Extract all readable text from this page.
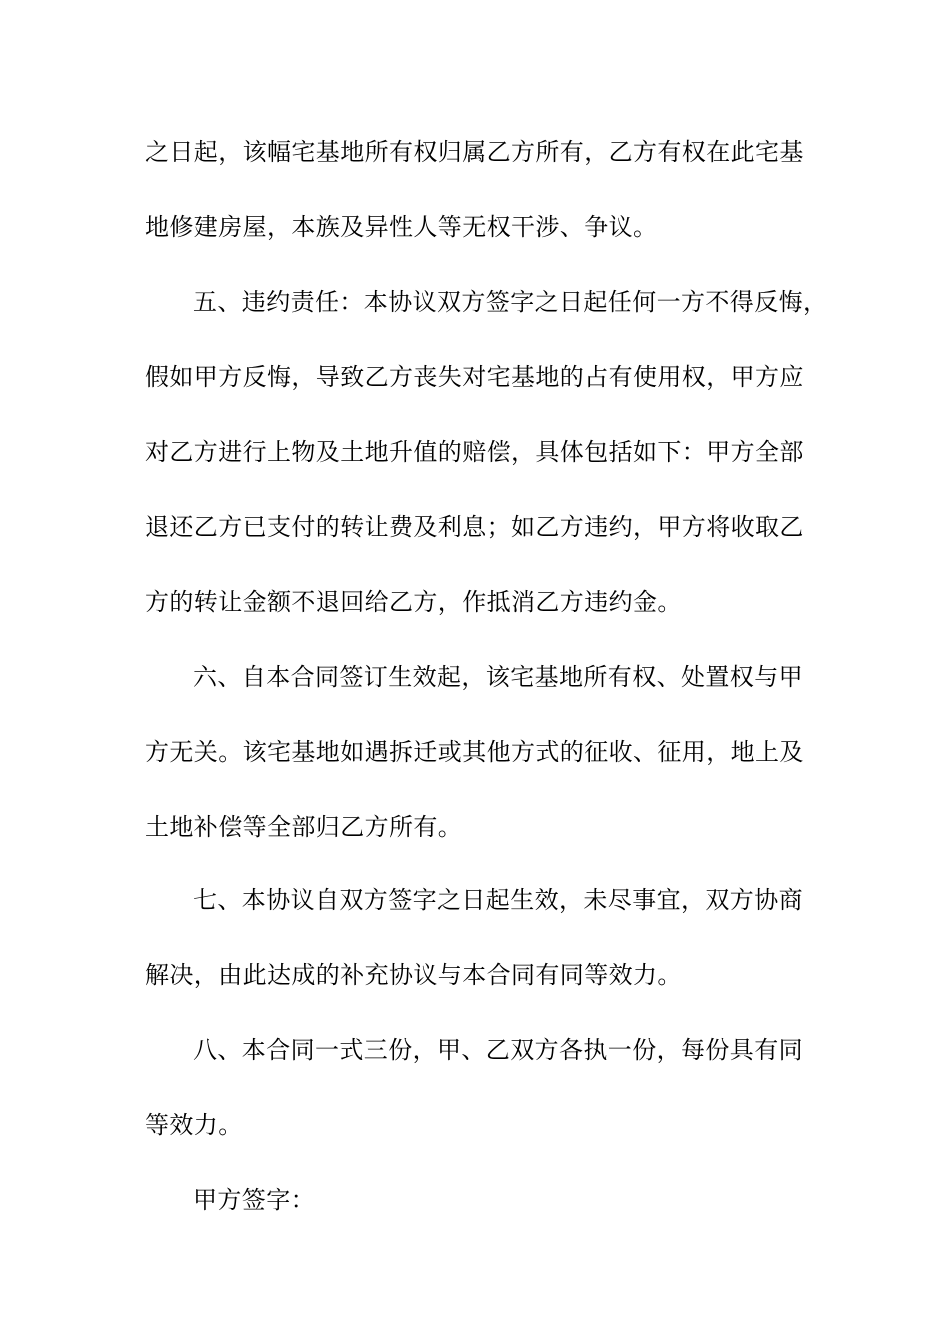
之日起，该幅宅基地所有权归属乙方所有，乙方有权在此宅基
地修建房屋，本族及异性人等无权干涉、争议。
五、违约责任：本协议双方签字之日起任何一方不得反悔，
假如甲方反悔，导致乙方丧失对宅基地的占有使用权，甲方应
对乙方进行上物及土地升值的赔偿，具体包括如下：甲方全部
退还乙方已支付的转让费及利息；如乙方违约，甲方将收取乙
方的转让金额不退回给乙方，作抵消乙方违约金。
六、自本合同签订生效起，该宅基地所有权、处置权与甲
方无关。该宅基地如遇拆迁或其他方式的征收、征用，地上及
土地补偿等全部归乙方所有。
七、本协议自双方签字之日起生效，未尽事宜，双方协商
解决，由此达成的补充协议与本合同有同等效力。
八、本合同一式三份，甲、乙双方各执一份，每份具有同
等效力。
甲方签字：
